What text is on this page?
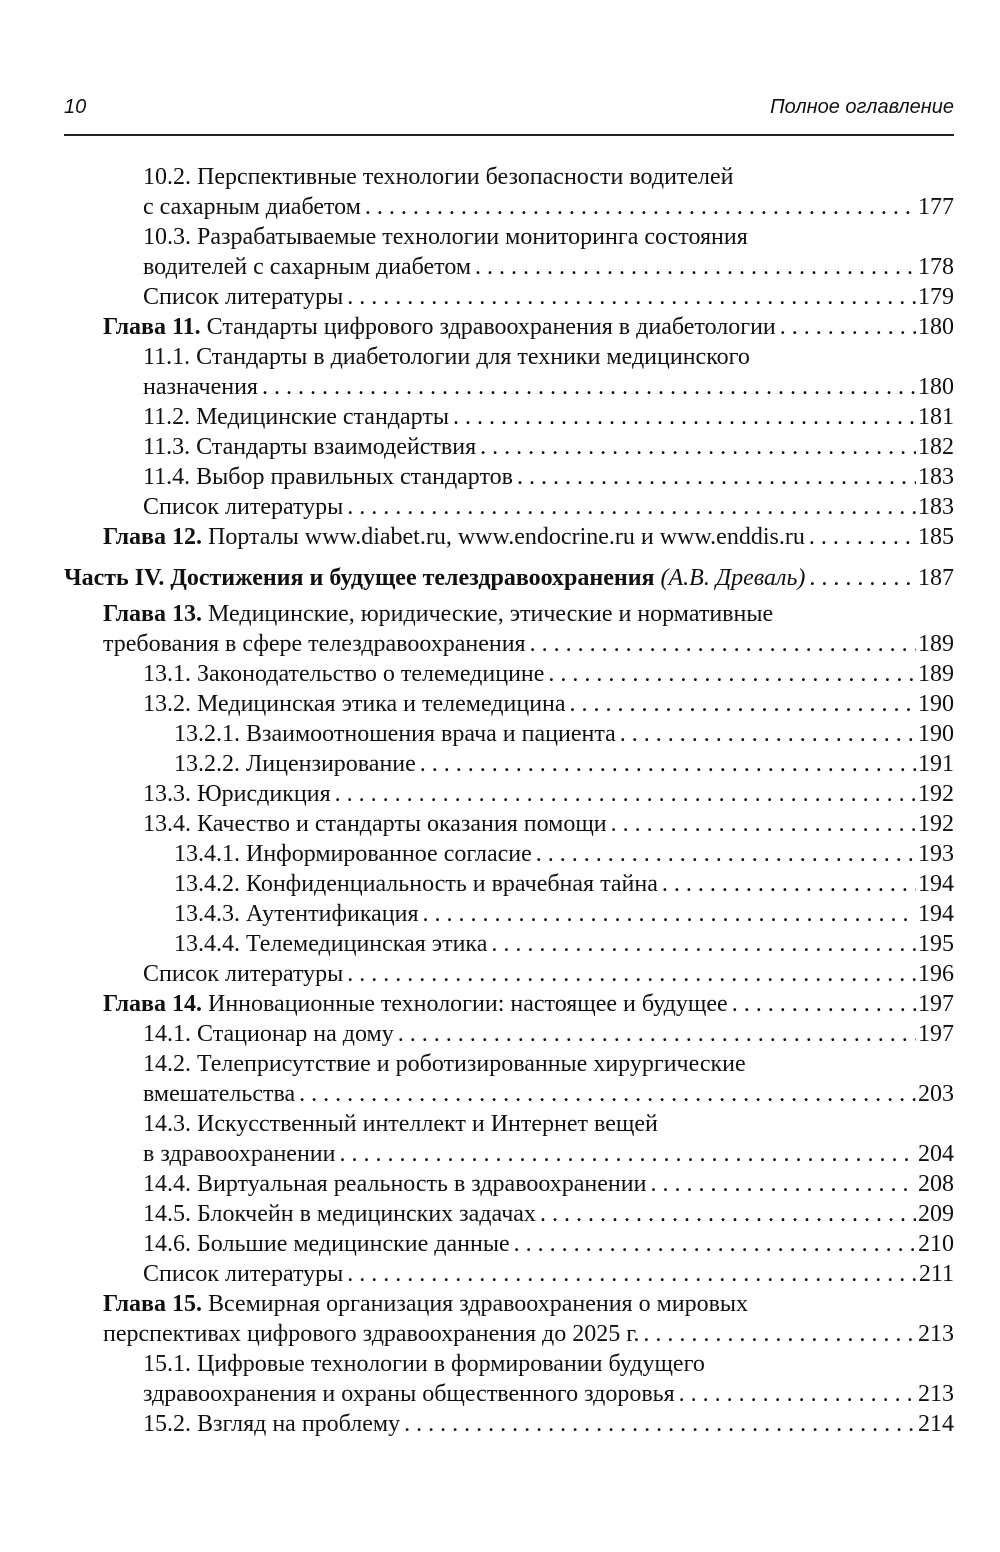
10	Полное оглавление
10.2. Перспективные технологии безопасности водителей
с сахарным диабетом . . .	177
10.3. Разрабатываемые технологии мониторинга состояния
водителей с сахарным диабетом . . .	178
Список литературы . . .	179
Глава 11.
Стандарты цифрового здравоохранения в диабетологии . . .	180
11.1. Стандарты в диабетологии для техники медицинского
назначения . . .	180
11.2. Медицинские стандарты . . .	181
11.3. Стандарты взаимодействия . . .	182
11.4. Выбор правильных стандартов . . .	183
Список литературы . . .	183
Глава 12.
Порталы www.diabet.ru, www.endocrine.ru и www.enddis.ru . . .	185
Часть IV. Достижения и будущее телездравоохранения
(А.В. Древаль) . . .	187
Глава 13. Медицинские, юридические, этические и нормативные
требования в сфере телездравоохранения . . .	189
13.1. Законодательство о телемедицине . . .	189
13.2. Медицинская этика и телемедицина . . .	190
13.2.1. Взаимоотношения врача и пациента . . .	190
13.2.2. Лицензирование . . .	191
13.3. Юрисдикция . . .	192
13.4. Качество и стандарты оказания помощи . . .	192
13.4.1. Информированное согласие . . .	193
13.4.2. Конфиденциальность и врачебная тайна . . .	194
13.4.3. Аутентификация . . .	194
13.4.4. Телемедицинская этика . . .	195
Список литературы . . .	196
Глава 14.
Инновационные технологии: настоящее и будущее . . .	197
14.1. Стационар на дому . . .	197
14.2. Телеприсутствие и роботизированные хирургические
вмешательства . . .	203
14.3. Искусственный интеллект и Интернет вещей
в здравоохранении . . .	204
14.4. Виртуальная реальность в здравоохранении . . .	208
14.5. Блокчейн в медицинских задачах . . .	209
14.6. Большие медицинские данные . . .	210
Список литературы . . .	211
Глава 15. Всемирная организация здравоохранения о мировых
перспективах цифрового здравоохранения до 2025 г. . . .	213
15.1. Цифровые технологии в формировании будущего
здравоохранения и охраны общественного здоровья . . .	213
15.2. Взгляд на проблему . . .	214
